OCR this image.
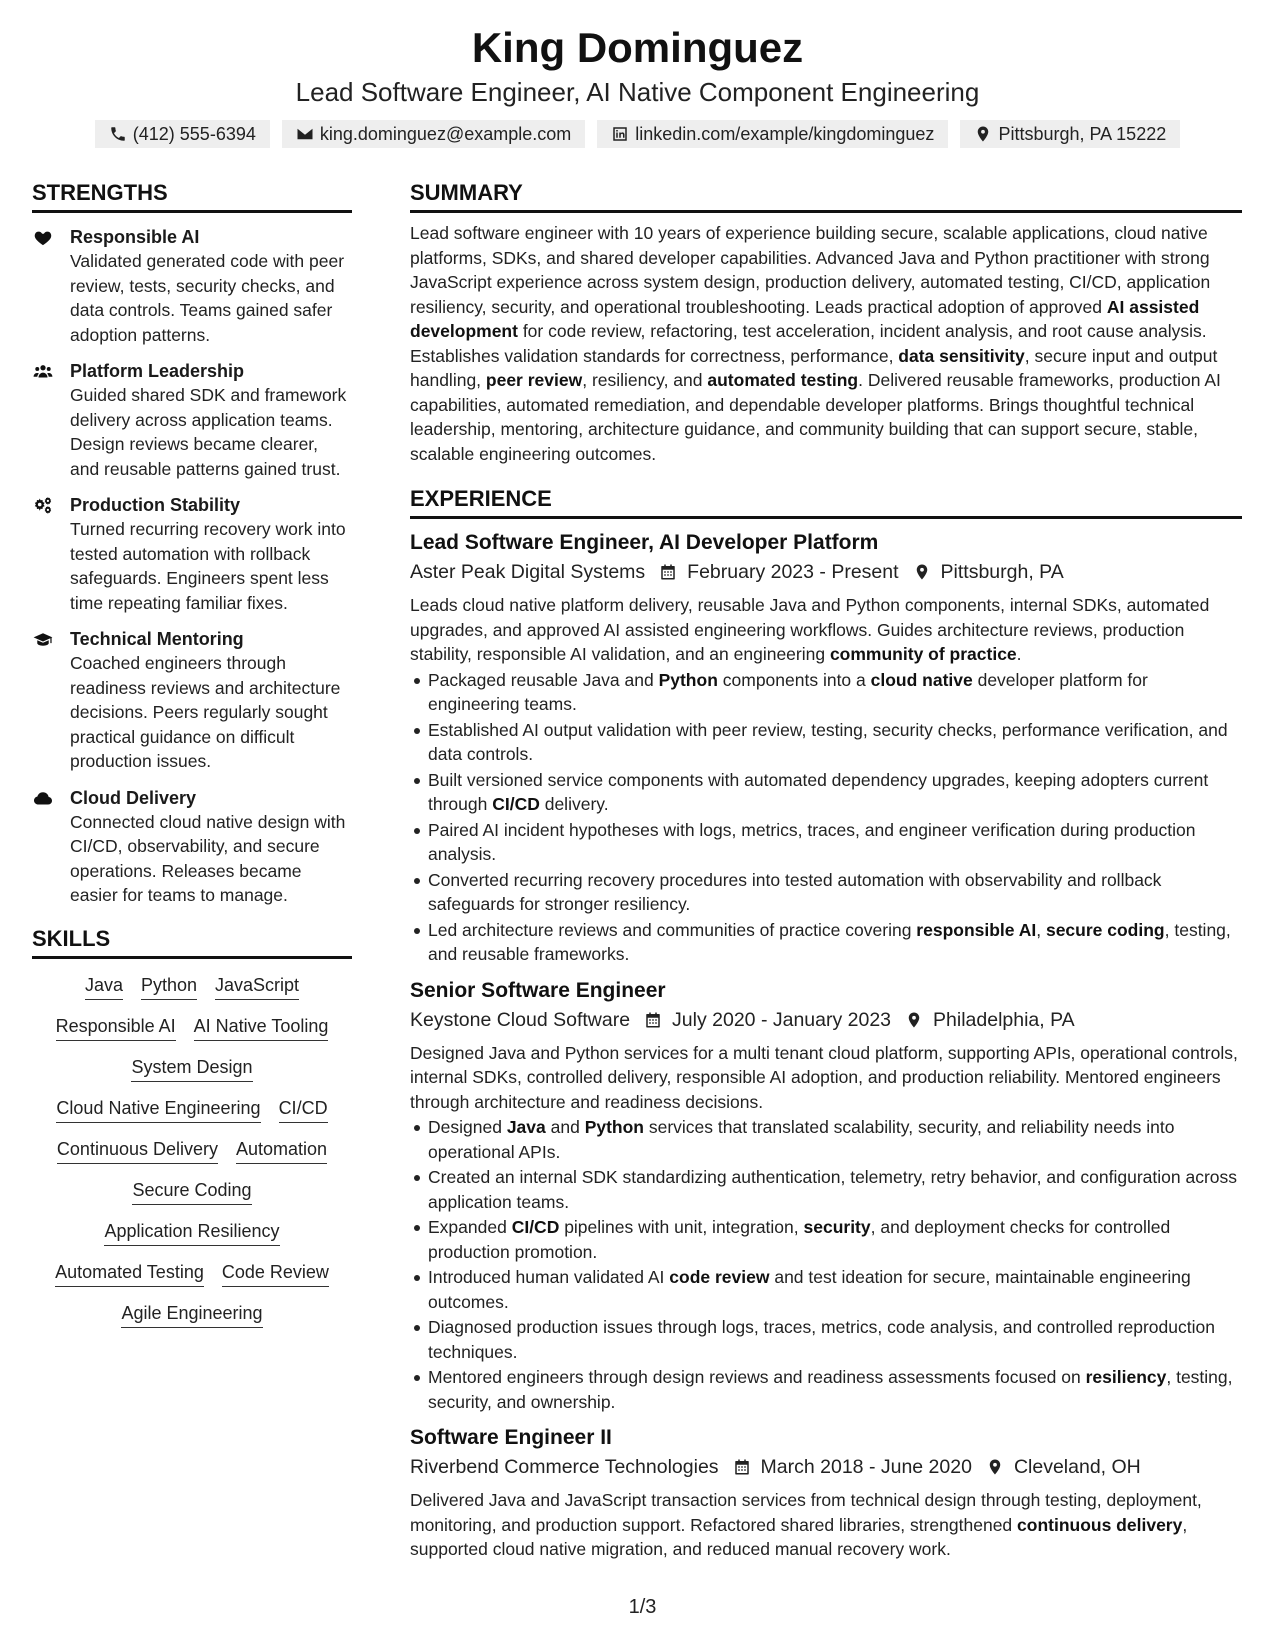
King Dominguez
Lead Software Engineer, AI Native Component Engineering
(412) 555-6394	king.dominguez@example.com	linkedin.com/example/kingdominguez	Pittsburgh, PA 15222
STRENGTHS
Responsible AI
Validated generated code with peer review, tests, security checks, and data controls. Teams gained safer adoption patterns.
Platform Leadership
Guided shared SDK and framework delivery across application teams. Design reviews became clearer, and reusable patterns gained trust.
Production Stability
Turned recurring recovery work into tested automation with rollback safeguards. Engineers spent less time repeating familiar fixes.
Technical Mentoring
Coached engineers through readiness reviews and architecture decisions. Peers regularly sought practical guidance on difficult production issues.
Cloud Delivery
Connected cloud native design with CI/CD, observability, and secure operations. Releases became easier for teams to manage.
SKILLS
Java Python JavaScript
Responsible AI AI Native Tooling
System Design
Cloud Native Engineering CI/CD
Continuous Delivery Automation
Secure Coding
Application Resiliency
Automated Testing Code Review
Agile Engineering
SUMMARY

Lead software engineer with 10 years of experience building secure, scalable applications, cloud native platforms, SDKs, and shared developer capabilities. Advanced Java and Python practitioner with strong JavaScript experience across system design, production delivery, automated testing, CI/CD, application resiliency, security, and operational troubleshooting. Leads practical adoption of approved AI assisted development for code review, refactoring, test acceleration, incident analysis, and root cause analysis. Establishes validation standards for correctness, performance, data sensitivity, secure input and output handling, peer review, resiliency, and automated testing. Delivered reusable frameworks, production AI capabilities, automated remediation, and dependable developer platforms. Brings thoughtful technical leadership, mentoring, architecture guidance, and community building that can support secure, stable, scalable engineering outcomes.

EXPERIENCE
Lead Software Engineer, AI Developer Platform
Aster Peak Digital Systems February 2023 - Present Pittsburgh, PA

Leads cloud native platform delivery, reusable Java and Python components, internal SDKs, automated upgrades, and approved AI assisted engineering workflows. Guides architecture reviews, production stability, responsible AI validation, and an engineering community of practice.

Packaged reusable Java and Python components into a cloud native developer platform for engineering teams.
Established AI output validation with peer review, testing, security checks, performance verification, and data controls.
Built versioned service components with automated dependency upgrades, keeping adopters current through CI/CD delivery.
Paired AI incident hypotheses with logs, metrics, traces, and engineer verification during production analysis.
Converted recurring recovery procedures into tested automation with observability and rollback safeguards for stronger resiliency.
Led architecture reviews and communities of practice covering responsible AI, secure coding, testing, and reusable frameworks.
Senior Software Engineer
Keystone Cloud Software July 2020 - January 2023 Philadelphia, PA

Designed Java and Python services for a multi tenant cloud platform, supporting APIs, operational controls, internal SDKs, controlled delivery, responsible AI adoption, and production reliability. Mentored engineers through architecture and readiness decisions.

Designed Java and Python services that translated scalability, security, and reliability needs into operational APIs.
Created an internal SDK standardizing authentication, telemetry, retry behavior, and configuration across application teams.
Expanded CI/CD pipelines with unit, integration, security, and deployment checks for controlled production promotion.
Introduced human validated AI code review and test ideation for secure, maintainable engineering outcomes.
Diagnosed production issues through logs, traces, metrics, code analysis, and controlled reproduction techniques.
Mentored engineers through design reviews and readiness assessments focused on resiliency, testing, security, and ownership.
Software Engineer II
Riverbend Commerce Technologies March 2018 - June 2020 Cleveland, OH

Delivered Java and JavaScript transaction services from technical design through testing, deployment, monitoring, and production support. Refactored shared libraries, strengthened continuous delivery, supported cloud native migration, and reduced manual recovery work.

1/3
